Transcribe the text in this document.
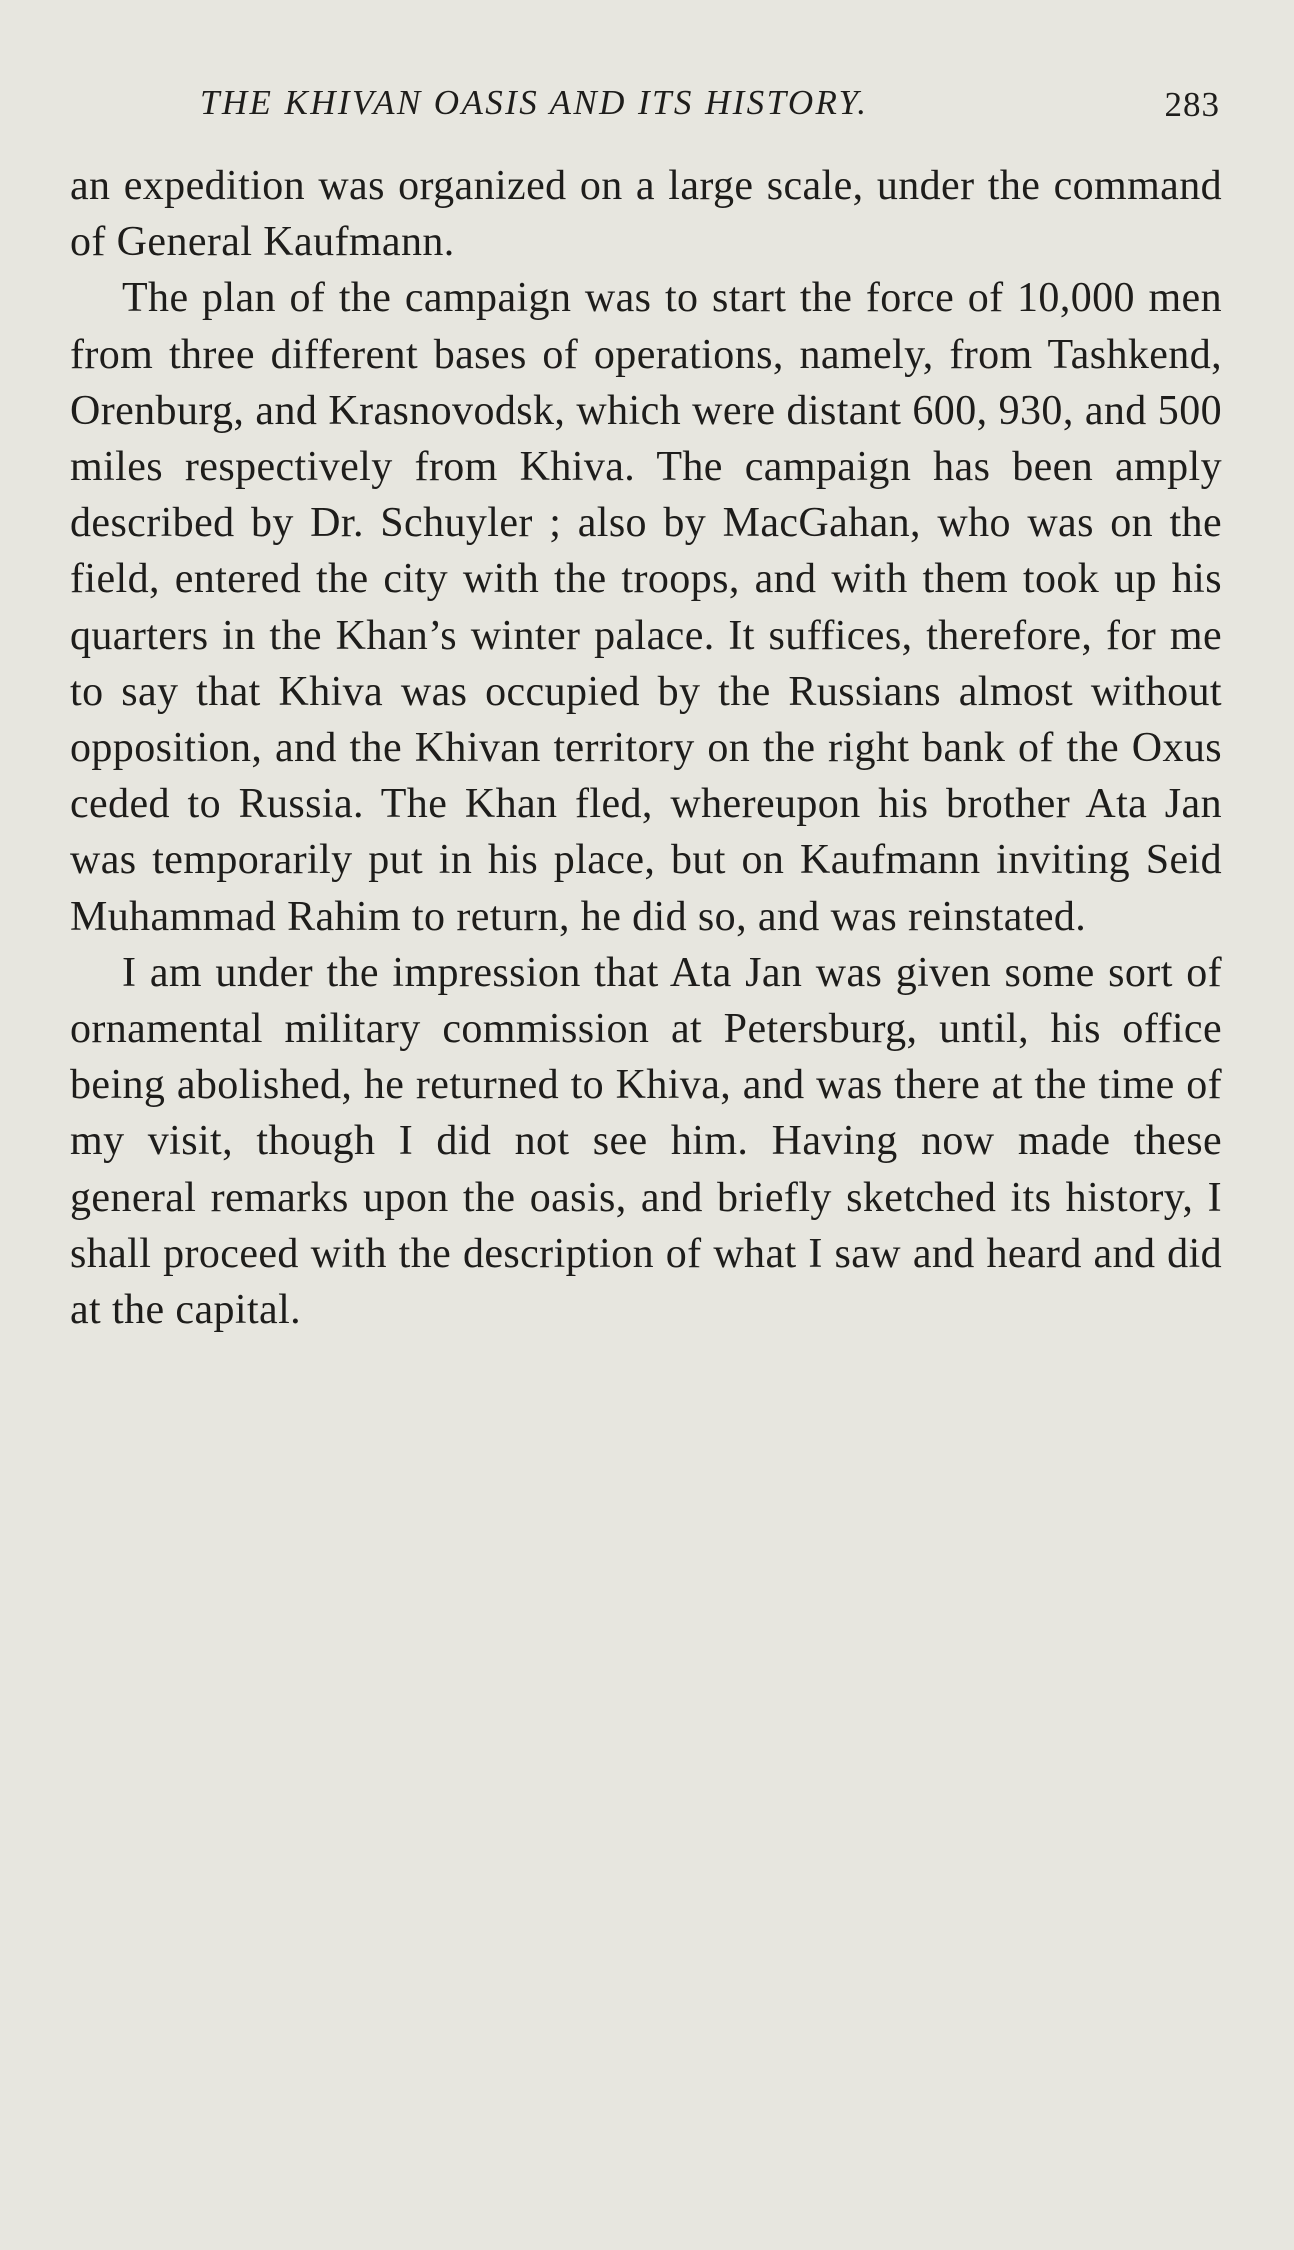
THE KHIVAN OASIS AND ITS HISTORY.	283

an expedition was organized on a large scale, under the command of General Kaufmann.

The plan of the campaign was to start the force of 10,000 men from three different bases of operations, namely, from Tashkend, Orenburg, and Krasnovodsk, which were distant 600, 930, and 500 miles respectively from Khiva. The campaign has been amply described by Dr. Schuyler ; also by MacGahan, who was on the field, entered the city with the troops, and with them took up his quarters in the Khan’s winter palace. It suffices, therefore, for me to say that Khiva was occupied by the Russians almost without opposition, and the Khivan territory on the right bank of the Oxus ceded to Russia. The Khan fled, whereupon his brother Ata Jan was temporarily put in his place, but on Kaufmann inviting Seid Muhammad Rahim to return, he did so, and was reinstated.

I am under the impression that Ata Jan was given some sort of ornamental military commission at Petersburg, until, his office being abolished, he returned to Khiva, and was there at the time of my visit, though I did not see him. Having now made these general remarks upon the oasis, and briefly sketched its history, I shall proceed with the description of what I saw and heard and did at the capital.
